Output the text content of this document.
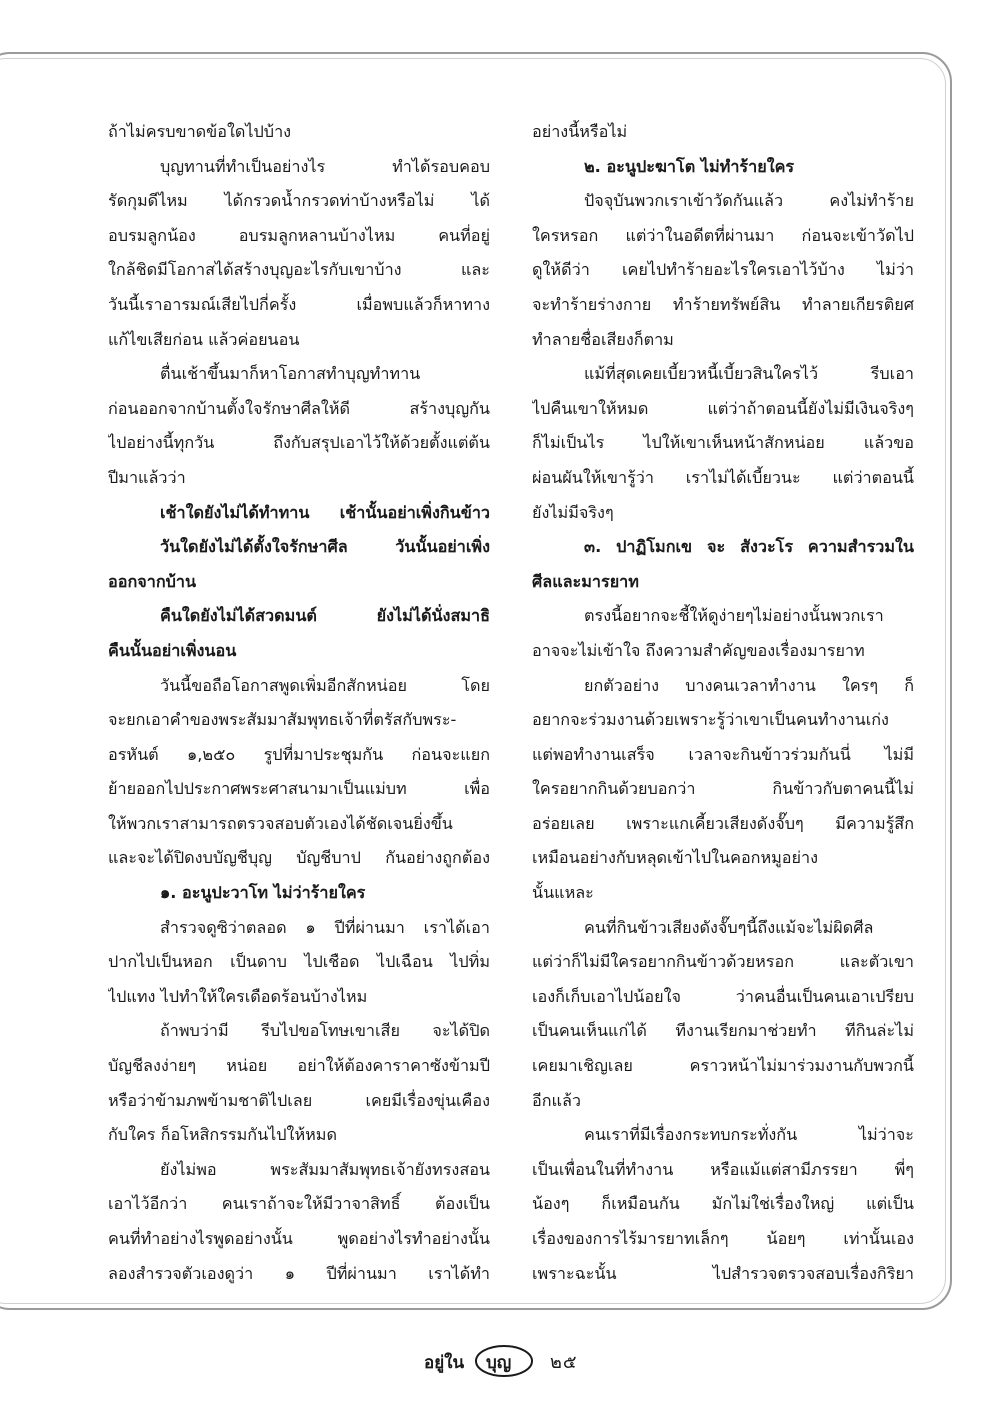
ถ้าไม่ครบขาดข้อใดไปบ้าง
บุญทานที่ทำเป็นอย่างไร ทำได้รอบคอบ
รัดกุมดีไหม ได้กรวดน้ำกรวดท่าบ้างหรือไม่ ได้
อบรมลูกน้อง อบรมลูกหลานบ้างไหม คนที่อยู่
ใกล้ชิดมีโอกาสได้สร้างบุญอะไรกับเขาบ้าง และ
วันนี้เราอารมณ์เสียไปกี่ครั้ง เมื่อพบแล้วก็หาทาง
แก้ไขเสียก่อน แล้วค่อยนอน
ตื่นเช้าขึ้นมาก็หาโอกาสทำบุญทำทาน
ก่อนออกจากบ้านตั้งใจรักษาศีลให้ดี สร้างบุญกัน
ไปอย่างนี้ทุกวัน ถึงกับสรุปเอาไว้ให้ด้วยตั้งแต่ต้น
ปีมาแล้วว่า
เช้าใดยังไม่ได้ทำทาน เช้านั้นอย่าเพิ่งกินข้าว
วันใดยังไม่ได้ตั้งใจรักษาศีล วันนั้นอย่าเพิ่ง
ออกจากบ้าน
คืนใดยังไม่ได้สวดมนต์ ยังไม่ได้นั่งสมาธิ
คืนนั้นอย่าเพิ่งนอน
วันนี้ขอถือโอกาสพูดเพิ่มอีกสักหน่อย โดย
จะยกเอาคำของพระสัมมาสัมพุทธเจ้าที่ตรัสกับพระ-
อรหันต์ ๑,๒๕๐ รูปที่มาประชุมกัน ก่อนจะแยก
ย้ายออกไปประกาศพระศาสนามาเป็นแม่บท เพื่อ
ให้พวกเราสามารถตรวจสอบตัวเองได้ชัดเจนยิ่งขึ้น
และจะได้ปิดงบบัญชีบุญ บัญชีบาป กันอย่างถูกต้อง
๑. อะนูปะวาโท ไม่ว่าร้ายใคร
สำรวจดูซิว่าตลอด ๑ ปีที่ผ่านมา เราได้เอา
ปากไปเป็นหอก เป็นดาบ ไปเชือด ไปเฉือน ไปทิ่ม
ไปแทง ไปทำให้ใครเดือดร้อนบ้างไหม
ถ้าพบว่ามี รีบไปขอโทษเขาเสีย จะได้ปิด
บัญชีลงง่ายๆ หน่อย อย่าให้ต้องคาราคาซังข้ามปี
หรือว่าข้ามภพข้ามชาติไปเลย เคยมีเรื่องขุ่นเคือง
กับใคร ก็อโหสิกรรมกันไปให้หมด
ยังไม่พอ พระสัมมาสัมพุทธเจ้ายังทรงสอน
เอาไว้อีกว่า คนเราถ้าจะให้มีวาจาสิทธิ์ ต้องเป็น
คนที่ทำอย่างไรพูดอย่างนั้น พูดอย่างไรทำอย่างนั้น
ลองสำรวจตัวเองดูว่า ๑ ปีที่ผ่านมา เราได้ทำ
อย่างนี้หรือไม่
๒. อะนูปะฆาโต ไม่ทำร้ายใคร
ปัจจุบันพวกเราเข้าวัดกันแล้ว คงไม่ทำร้าย
ใครหรอก แต่ว่าในอดีตที่ผ่านมา ก่อนจะเข้าวัดไป
ดูให้ดีว่า เคยไปทำร้ายอะไรใครเอาไว้บ้าง ไม่ว่า
จะทำร้ายร่างกาย ทำร้ายทรัพย์สิน ทำลายเกียรติยศ
ทำลายชื่อเสียงก็ตาม
แม้ที่สุดเคยเบี้ยวหนี้เบี้ยวสินใครไว้ รีบเอา
ไปคืนเขาให้หมด แต่ว่าถ้าตอนนี้ยังไม่มีเงินจริงๆ
ก็ไม่เป็นไร ไปให้เขาเห็นหน้าสักหน่อย แล้วขอ
ผ่อนผันให้เขารู้ว่า เราไม่ได้เบี้ยวนะ แต่ว่าตอนนี้
ยังไม่มีจริงๆ
๓. ปาฏิโมกเข จะ สังวะโร ความสำรวมใน
ศีลและมารยาท
ตรงนี้อยากจะชี้ให้ดูง่ายๆไม่อย่างนั้นพวกเรา
อาจจะไม่เข้าใจ ถึงความสำคัญของเรื่องมารยาท
ยกตัวอย่าง บางคนเวลาทำงาน ใครๆ ก็
อยากจะร่วมงานด้วยเพราะรู้ว่าเขาเป็นคนทำงานเก่ง
แต่พอทำงานเสร็จ เวลาจะกินข้าวร่วมกันนี่ ไม่มี
ใครอยากกินด้วยบอกว่า กินข้าวกับตาคนนี้ไม่
อร่อยเลย เพราะแกเคี้ยวเสียงดังจั๊บๆ มีความรู้สึก
เหมือนอย่างกับหลุดเข้าไปในคอกหมูอย่าง
นั้นแหละ
คนที่กินข้าวเสียงดังจั๊บๆนี้ถึงแม้จะไม่ผิดศีล
แต่ว่าก็ไม่มีใครอยากกินข้าวด้วยหรอก และตัวเขา
เองก็เก็บเอาไปน้อยใจ ว่าคนอื่นเป็นคนเอาเปรียบ
เป็นคนเห็นแก่ได้ ทีงานเรียกมาช่วยทำ ทีกินล่ะไม่
เคยมาเชิญเลย คราวหน้าไม่มาร่วมงานกับพวกนี้
อีกแล้ว
คนเราที่มีเรื่องกระทบกระทั่งกัน ไม่ว่าจะ
เป็นเพื่อนในที่ทำงาน หรือแม้แต่สามีภรรยา พี่ๆ
น้องๆ ก็เหมือนกัน มักไม่ใช่เรื่องใหญ่ แต่เป็น
เรื่องของการไร้มารยาทเล็กๆ น้อยๆ เท่านั้นเอง
เพราะฉะนั้น ไปสำรวจตรวจสอบเรื่องกิริยา
อยู่ใน บุญ ๒๕
